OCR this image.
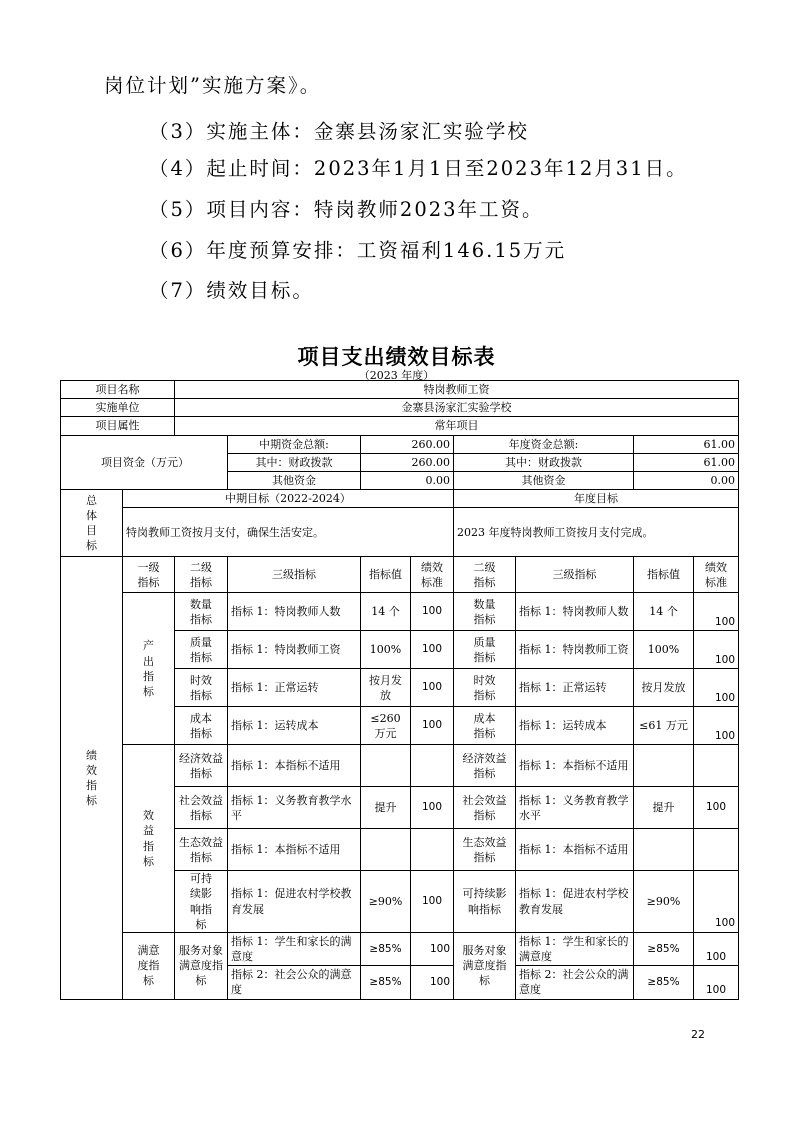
岗位计划”实施方案》。
（3）实施主体：金寨县汤家汇实验学校
（4）起止时间：2023年1月1日至2023年12月31日。
（5）项目内容：特岗教师2023年工资。
（6）年度预算安排：工资福利146.15万元
（7）绩效目标。
项目支出绩效目标表
（2023 年度）
项目名称		特岗教师工资							
实施单位		金寨县汤家汇实验学校							
项目属性		常年项目							
项目资金（万元）			中期资金总额:	260.00		年度资金总额:		61.00	
			其中：财政拨款	260.00		其中：财政拨款		61.00	
			其他资金	0.00		其他资金		0.00	
总体目标	中期目标（2022-2024）					年度目标			
	特岗教师工资按月支付，确保生活安定。					2023 年度特岗教师工资按月支付完成。			
绩效指标	一级指标	二级指标	三级指标	指标值	绩效标准	二级指标	三级指标	指标值	绩效标准
	产出指标	数量指标	指标 1：特岗教师人数	14 个	100	数量指标	指标 1：特岗教师人数	14 个	100
		质量指标	指标 1：特岗教师工资	100%	100	质量指标	指标 1：特岗教师工资	100%	100
		时效指标	指标 1：正常运转	按月发放	100	时效指标	指标 1：正常运转	按月发放	100
		成本指标	指标 1：运转成本	≤260 万元	100	成本指标	指标 1：运转成本	≤61 万元	100
	效益指标	经济效益指标	指标 1：本指标不适用			经济效益指标	指标 1：本指标不适用		
		社会效益指标	指标 1：义务教育教学水平	提升	100	社会效益指标	指标 1：义务教育教学水平	提升	100
		生态效益指标	指标 1：本指标不适用			生态效益指标	指标 1：本指标不适用		
		可持续影响指标	指标 1：促进农村学校教育发展	≥90%	100	可持续影响指标	指标 1：促进农村学校教育发展	≥90%	100
	满意度指标	服务对象满意度指标	指标 1：学生和家长的满意度	≥85%	100	服务对象满意度指标	指标 1：学生和家长的满意度	≥85%	100
			指标 2：社会公众的满意度	≥85%	100		指标 2：社会公众的满意度	≥85%	100
22
